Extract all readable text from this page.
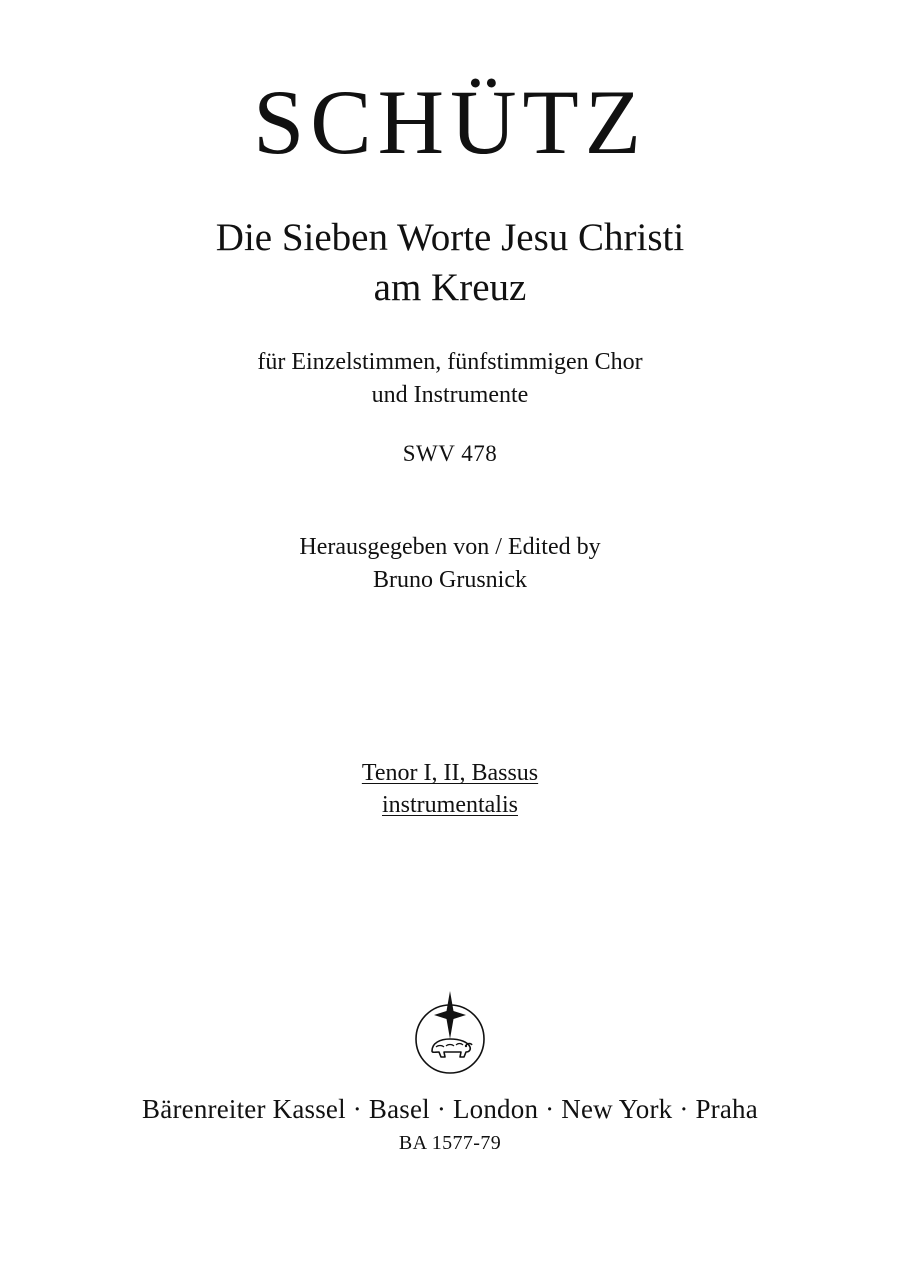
SCHÜTZ
Die Sieben Worte Jesu Christi
am Kreuz
für Einzelstimmen, fünfstimmigen Chor
und Instrumente
SWV 478
Herausgegeben von / Edited by
Bruno Grusnick
Tenor I, II, Bassus
instrumentalis
Bärenreiter Kassel · Basel · London · New York · Praha
BA 1577-79
